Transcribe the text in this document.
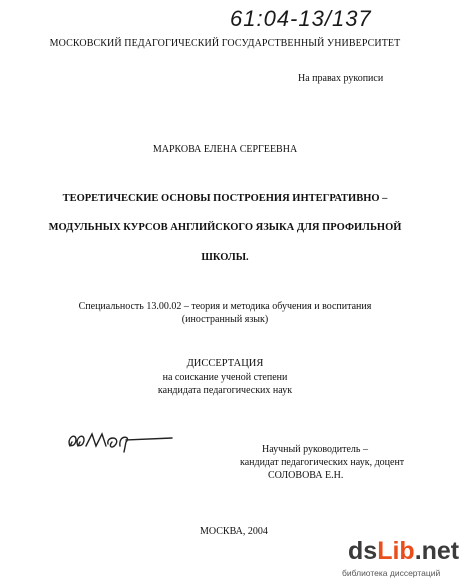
61:04-13/137
МОСКОВСКИЙ ПЕДАГОГИЧЕСКИЙ ГОСУДАРСТВЕННЫЙ УНИВЕРСИТЕТ
На правах рукописи
МАРКОВА ЕЛЕНА СЕРГЕЕВНА
ТЕОРЕТИЧЕСКИЕ ОСНОВЫ ПОСТРОЕНИЯ ИНТЕГРАТИВНО –
МОДУЛЬНЫХ КУРСОВ АНГЛИЙСКОГО ЯЗЫКА ДЛЯ ПРОФИЛЬНОЙ
ШКОЛЫ.
Специальность 13.00.02 – теория и методика обучения и воспитания
(иностранный язык)
ДИССЕРТАЦИЯ
на соискание ученой степени
кандидата педагогических наук
Научный руководитель –
кандидат педагогических наук, доцент
СОЛОВОВА Е.Н.
МОСКВА, 2004
dsLib.net
библиотека диссертаций
